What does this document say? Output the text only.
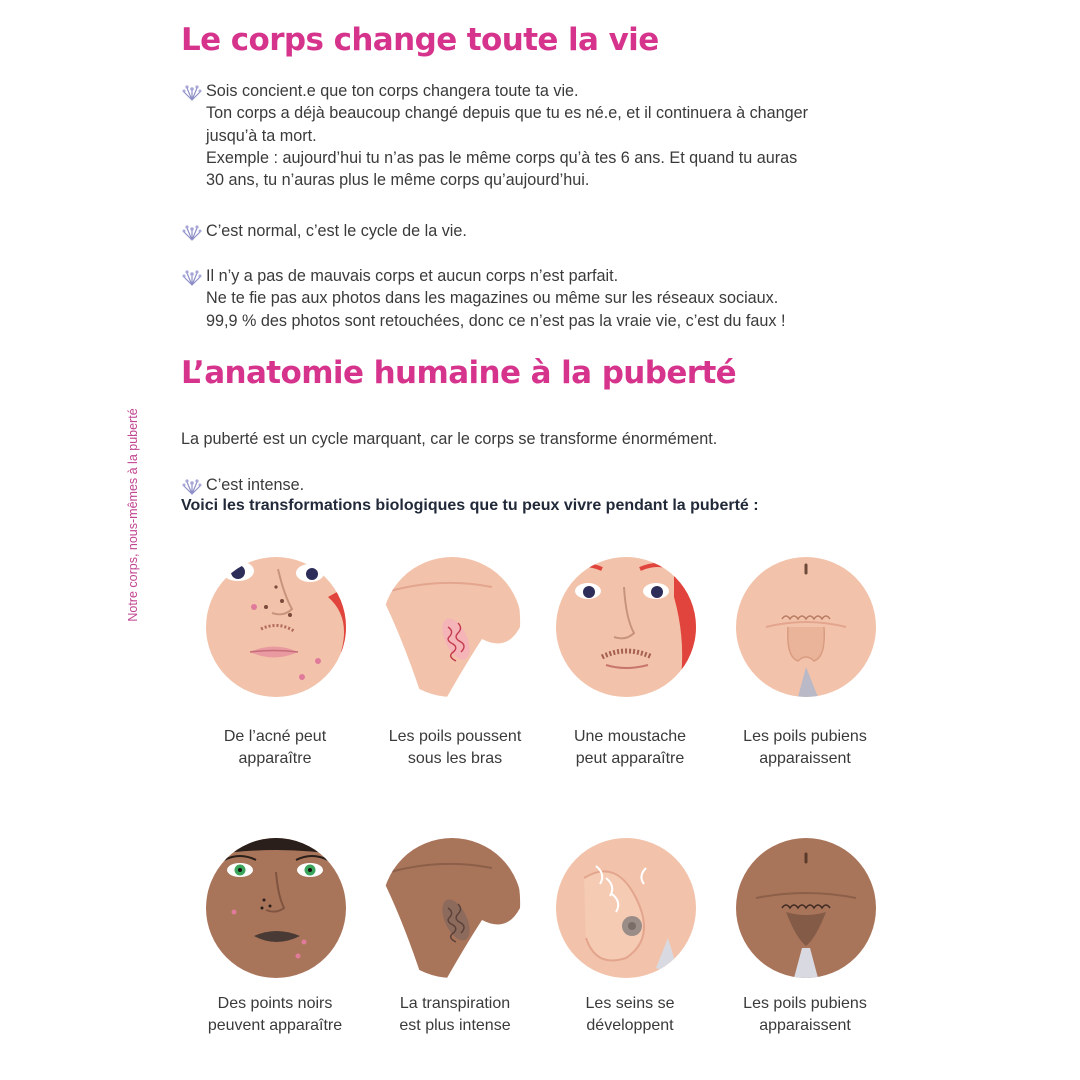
Notre corps, nous-mêmes à la puberté
Le corps change toute la vie
Sois concient.e que ton corps changera toute ta vie.
Ton corps a déjà beaucoup changé depuis que tu es né.e, et il continuera à changer
jusqu’à ta mort.
Exemple : aujourd’hui tu n’as pas le même corps qu’à tes 6 ans. Et quand tu auras
30 ans, tu n’auras plus le même corps qu’aujourd’hui.
C’est normal, c’est le cycle de la vie.
Il n’y a pas de mauvais corps et aucun corps n’est parfait.
Ne te fie pas aux photos dans les magazines ou même sur les réseaux sociaux.
99,9 % des photos sont retouchées, donc ce n’est pas la vraie vie, c’est du faux !
L’anatomie humaine à la puberté
La puberté est un cycle marquant, car le corps se transforme énormément.
C’est intense.
Voici les transformations biologiques que tu peux vivre pendant la puberté :
De l’acné peut
apparaître
Les poils poussent
sous les bras
Une moustache
peut apparaître
Les poils pubiens
apparaissent
Des points noirs
peuvent apparaître
La transpiration
est plus intense
Les seins se
développent
Les poils pubiens
apparaissent
